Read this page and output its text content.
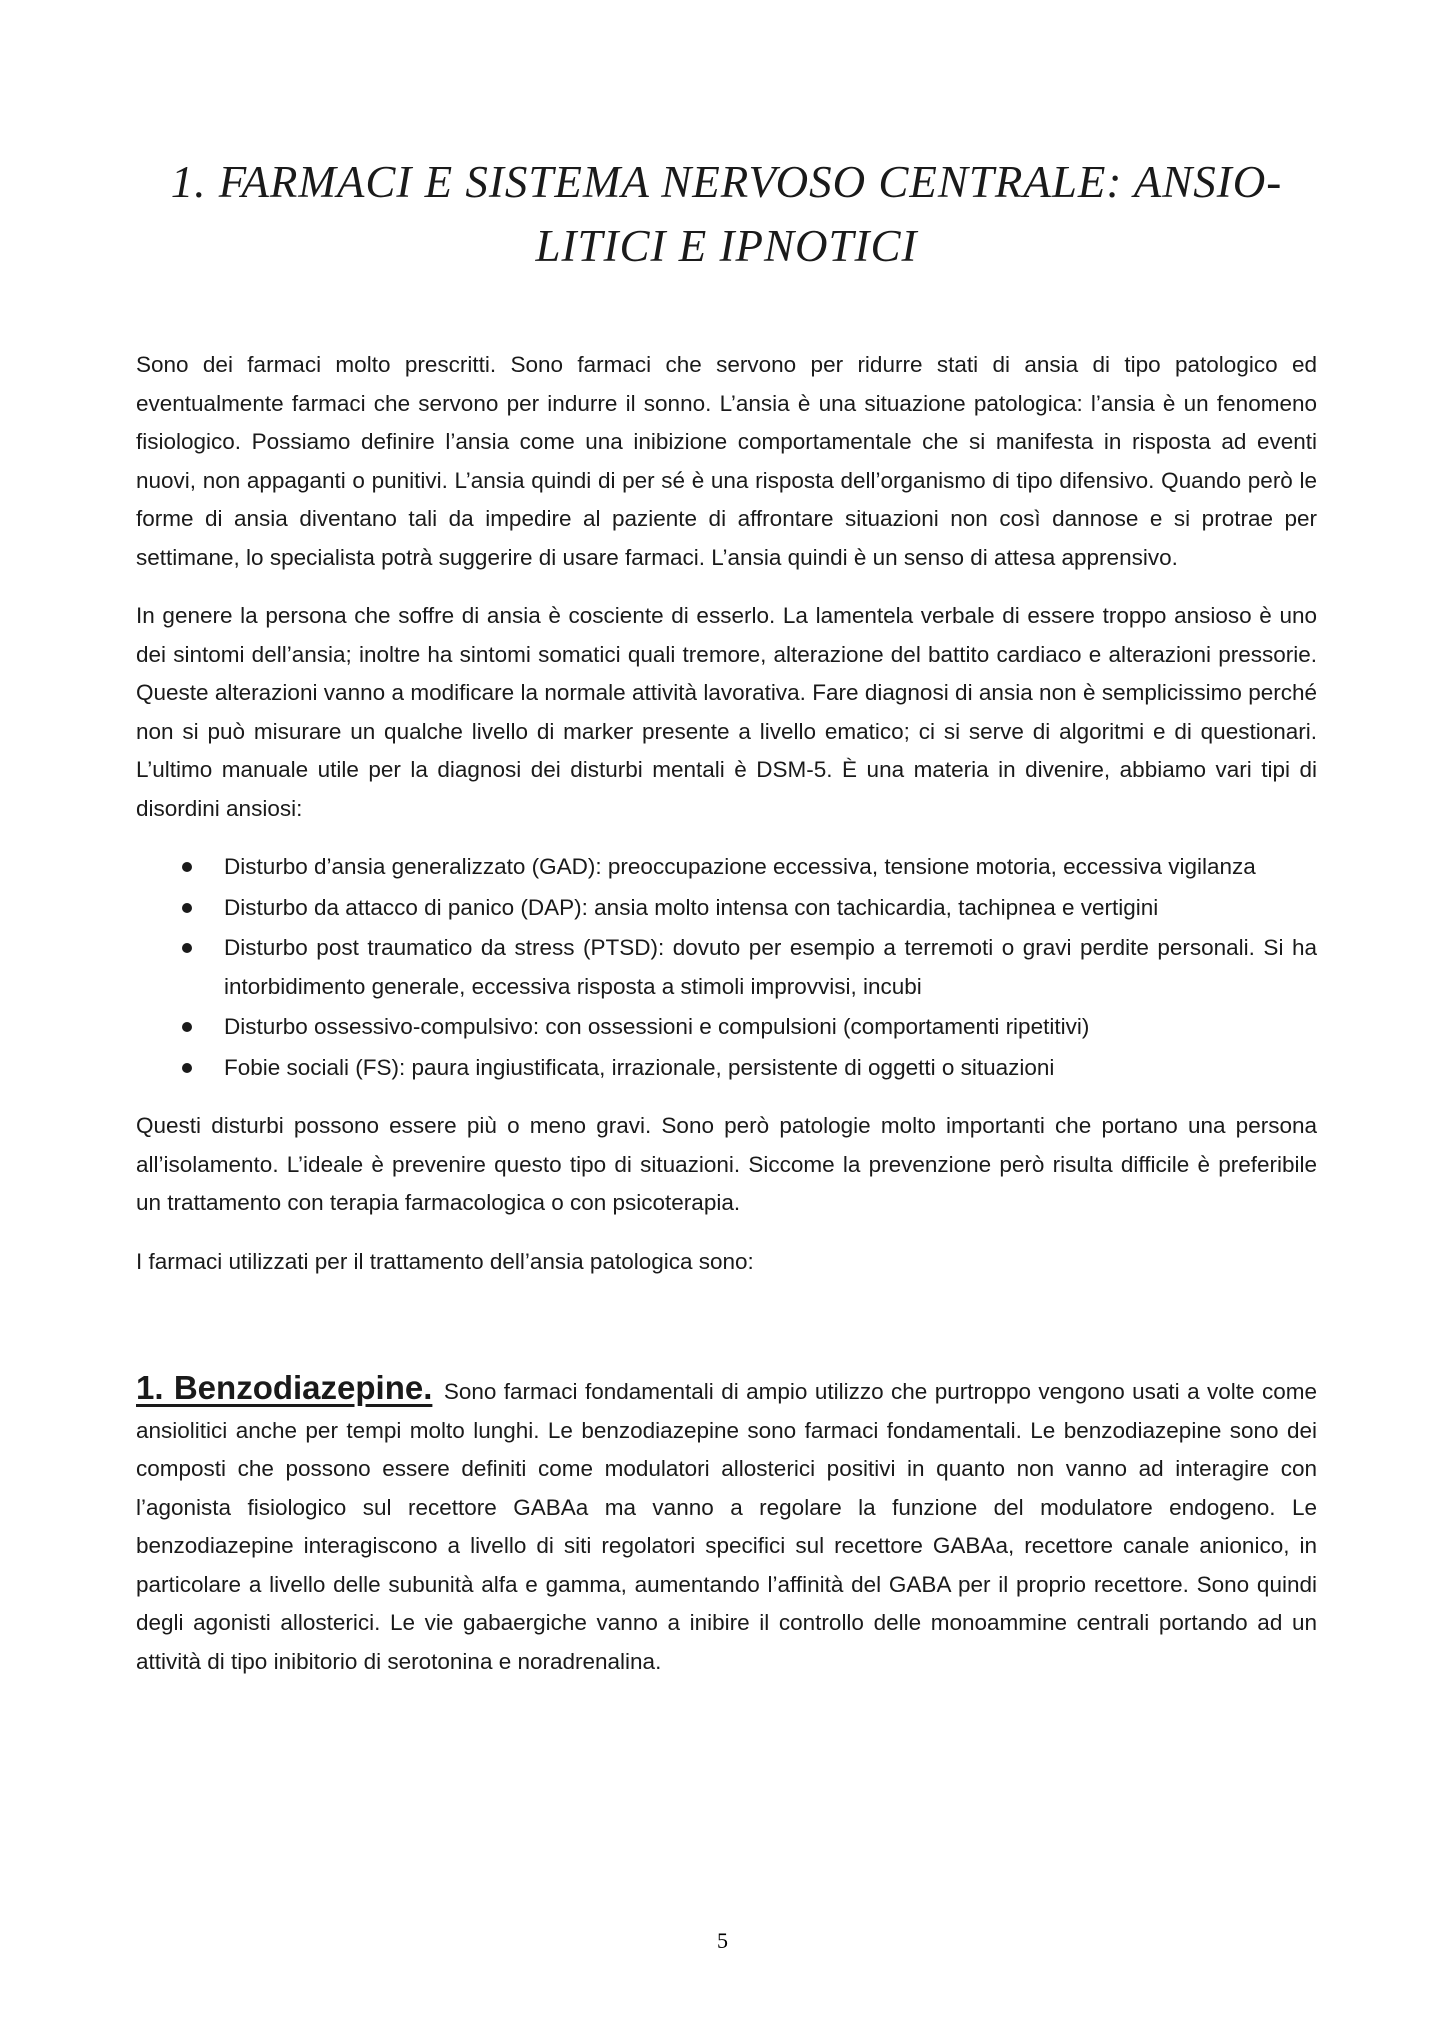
1. FARMACI E SISTEMA NERVOSO CENTRALE: ANSIO-
LITICI E IPNOTICI

Sono dei farmaci molto prescritti. Sono farmaci che servono per ridurre stati di ansia di tipo patologico ed eventualmente farmaci che servono per indurre il sonno. L’ansia è una situazione patologica: l’ansia è un fenomeno fisiologico. Possiamo definire l’ansia come una inibizione comportamentale che si manifesta in risposta ad eventi nuovi, non appaganti o punitivi. L’ansia quindi di per sé è una risposta dell’organismo di tipo difensivo. Quando però le forme di ansia diventano tali da impedire al paziente di affrontare situazioni non così dannose e si protrae per settimane, lo specialista potrà suggerire di usare farmaci. L’ansia quindi è un senso di attesa apprensivo.

In genere la persona che soffre di ansia è cosciente di esserlo. La lamentela verbale di essere troppo ansioso è uno dei sintomi dell’ansia; inoltre ha sintomi somatici quali tremore, alterazione del battito cardiaco e alterazioni pressorie. Queste alterazioni vanno a modificare la normale attività lavorativa. Fare diagnosi di ansia non è semplicissimo perché non si può misurare un qualche livello di marker presente a livello ematico; ci si serve di algoritmi e di questionari. L’ultimo manuale utile per la diagnosi dei disturbi mentali è DSM-5. È una materia in divenire, abbiamo vari tipi di disordini ansiosi:

Disturbo d’ansia generalizzato (GAD): preoccupazione eccessiva, tensione motoria, eccessiva vigilanza
Disturbo da attacco di panico (DAP): ansia molto intensa con tachicardia, tachipnea e vertigini
Disturbo post traumatico da stress (PTSD): dovuto per esempio a terremoti o gravi perdite personali. Si ha intorbidimento generale, eccessiva risposta a stimoli improvvisi, incubi
Disturbo ossessivo-compulsivo: con ossessioni e compulsioni (comportamenti ripetitivi)
Fobie sociali (FS): paura ingiustificata, irrazionale, persistente di oggetti o situazioni

Questi disturbi possono essere più o meno gravi. Sono però patologie molto importanti che portano una persona all’isolamento. L’ideale è prevenire questo tipo di situazioni. Siccome la prevenzione però risulta difficile è preferibile un trattamento con terapia farmacologica o con psicoterapia.

I farmaci utilizzati per il trattamento dell’ansia patologica sono:

1. Benzodiazepine. Sono farmaci fondamentali di ampio utilizzo che purtroppo vengono usati a volte come ansiolitici anche per tempi molto lunghi. Le benzodiazepine sono farmaci fondamentali. Le benzodiazepine sono dei composti che possono essere definiti come modulatori allosterici positivi in quanto non vanno ad interagire con l’agonista fisiologico sul recettore GABAa ma vanno a regolare la funzione del modulatore endogeno. Le benzodiazepine interagiscono a livello di siti regolatori specifici sul recettore GABAa, recettore canale anionico, in particolare a livello delle subunità alfa e gamma, aumentando l’affinità del GABA per il proprio recettore. Sono quindi degli agonisti allosterici. Le vie gabaergiche vanno a inibire il controllo delle monoammine centrali portando ad un attività di tipo inibitorio di serotonina e noradrenalina.

5
